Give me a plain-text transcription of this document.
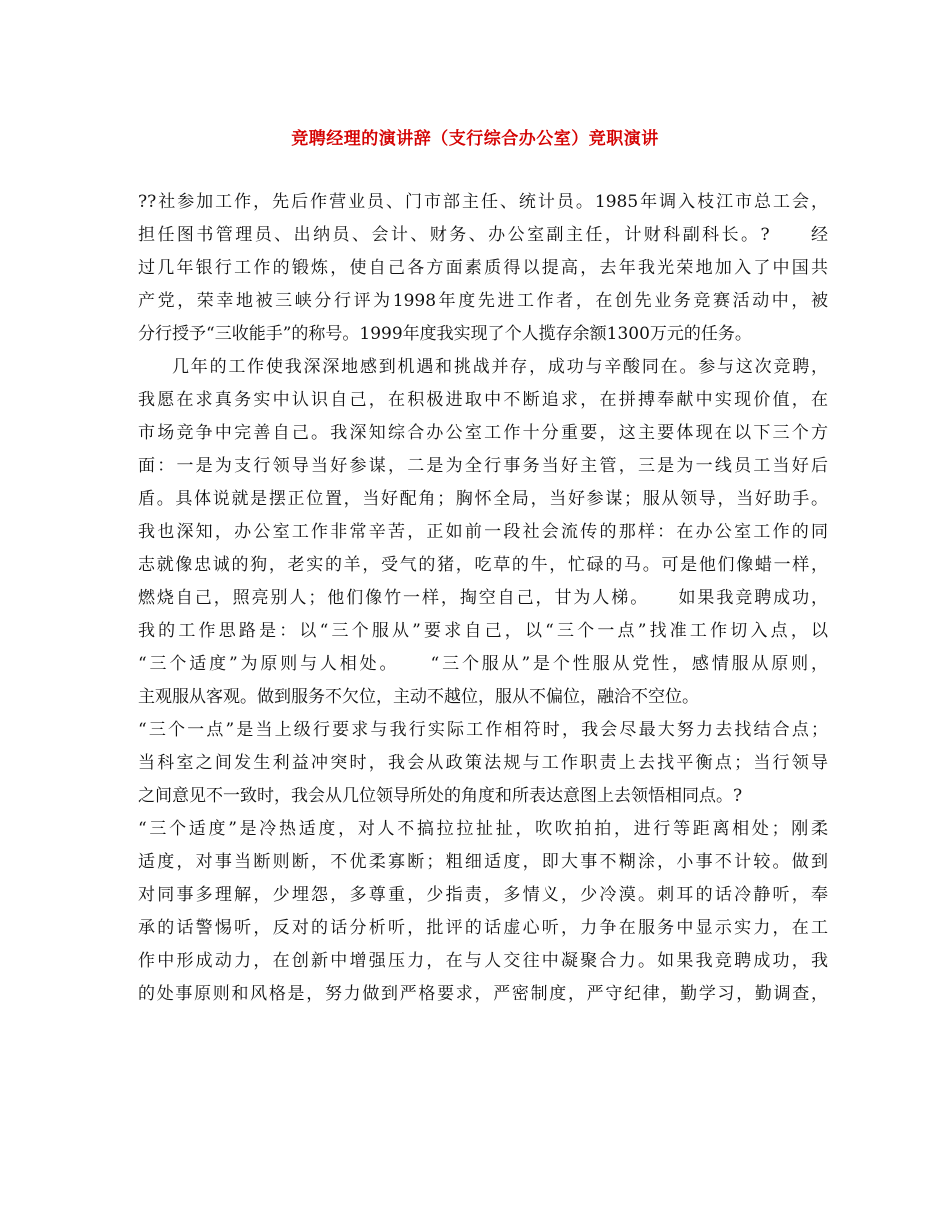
竞聘经理的演讲辞（支行综合办公室）竞职演讲
??社参加工作，先后作营业员、门市部主任、统计员。1985年调入枝江市总工会，
担任图书管理员、出纳员、会计、财务、办公室副主任，计财科副科长。?　　经
过几年银行工作的锻炼，使自己各方面素质得以提高，去年我光荣地加入了中国共
产党，荣幸地被三峡分行评为1998年度先进工作者，在创先业务竞赛活动中，被
分行授予“三收能手”的称号。1999年度我实现了个人揽存余额1300万元的任务。
几年的工作使我深深地感到机遇和挑战并存，成功与辛酸同在。参与这次竞聘，
我愿在求真务实中认识自己，在积极进取中不断追求，在拼搏奉献中实现价值，在
市场竞争中完善自己。我深知综合办公室工作十分重要，这主要体现在以下三个方
面：一是为支行领导当好参谋，二是为全行事务当好主管，三是为一线员工当好后
盾。具体说就是摆正位置，当好配角；胸怀全局，当好参谋；服从领导，当好助手。
我也深知，办公室工作非常辛苦，正如前一段社会流传的那样：在办公室工作的同
志就像忠诚的狗，老实的羊，受气的猪，吃草的牛，忙碌的马。可是他们像蜡一样，
燃烧自己，照亮别人；他们像竹一样，掏空自己，甘为人梯。　　如果我竞聘成功，
我的工作思路是：以“三个服从”要求自己，以“三个一点”找准工作切入点，以
“三个适度”为原则与人相处。　　“三个服从”是个性服从党性，感情服从原则，
主观服从客观。做到服务不欠位，主动不越位，服从不偏位，融洽不空位。
“三个一点”是当上级行要求与我行实际工作相符时，我会尽最大努力去找结合点；
当科室之间发生利益冲突时，我会从政策法规与工作职责上去找平衡点；当行领导
之间意见不一致时，我会从几位领导所处的角度和所表达意图上去领悟相同点。?
“三个适度”是冷热适度，对人不搞拉拉扯扯，吹吹拍拍，进行等距离相处；刚柔
适度，对事当断则断，不优柔寡断；粗细适度，即大事不糊涂，小事不计较。做到
对同事多理解，少埋怨，多尊重，少指责，多情义，少冷漠。刺耳的话冷静听，奉
承的话警惕听，反对的话分析听，批评的话虚心听，力争在服务中显示实力，在工
作中形成动力，在创新中增强压力，在与人交往中凝聚合力。如果我竞聘成功，我
的处事原则和风格是，努力做到严格要求，严密制度，严守纪律，勤学习，勤调查，
